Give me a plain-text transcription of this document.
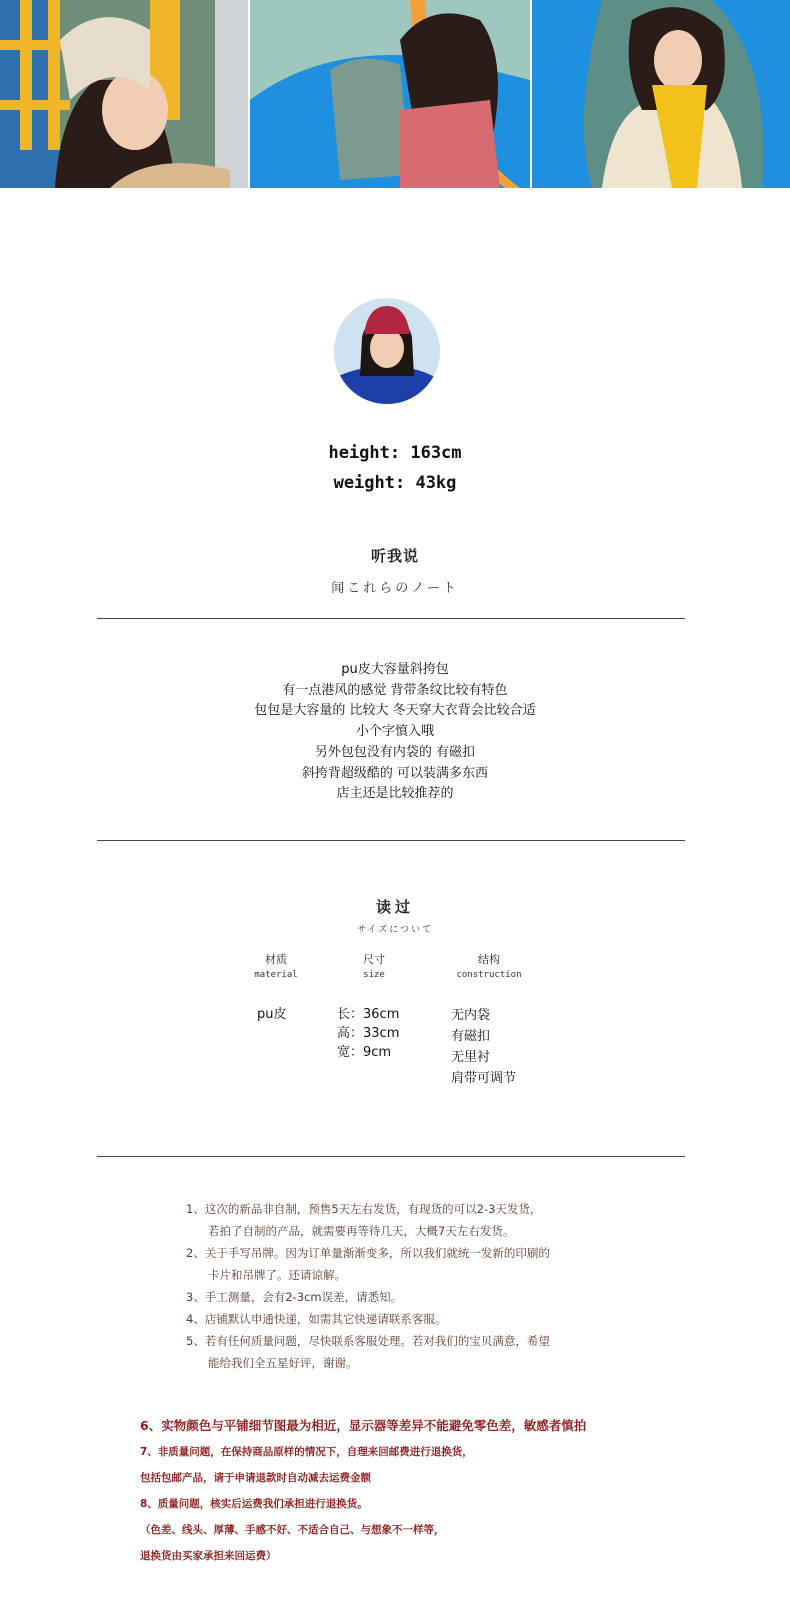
height: 163cm
weight: 43kg
听我说
闻これらのノート
pu皮大容量斜挎包
有一点港风的感觉 背带条纹比较有特色
包包是大容量的 比较大 冬天穿大衣背会比较合适
小个字慎入哦
另外包包没有内袋的 有磁扣
斜挎背超级酷的 可以装满多东西
店主还是比较推荐的
读过
サイズについて
材质
material
尺寸
size
结构
construction
pu皮	长：36cm
高：33cm
宽：9cm
无内袋
有磁扣
无里衬
肩带可调节
1、这次的新品非自制，预售5天左右发货，有现货的可以2-3天发货，
若拍了自制的产品，就需要再等待几天，大概7天左右发货。
2、关于手写吊牌。因为订单量渐渐变多，所以我们就统一发新的印刷的
卡片和吊牌了。还请谅解。
3、手工测量，会有2-3cm误差，请悉知。
4、店铺默认申通快递，如需其它快递请联系客服。
5、若有任何质量问题，尽快联系客服处理。若对我们的宝贝满意，希望
能给我们全五星好评，谢谢。
6、实物颜色与平铺细节图最为相近，显示器等差异不能避免零色差，敏感者慎拍
7、非质量问题，在保持商品原样的情况下，自理来回邮费进行退换货，
包括包邮产品，请于申请退款时自动减去运费金额
8、质量问题，核实后运费我们承担进行退换货。
（色差、线头、厚薄、手感不好、不适合自己、与想象不一样等，
退换货由买家承担来回运费）
